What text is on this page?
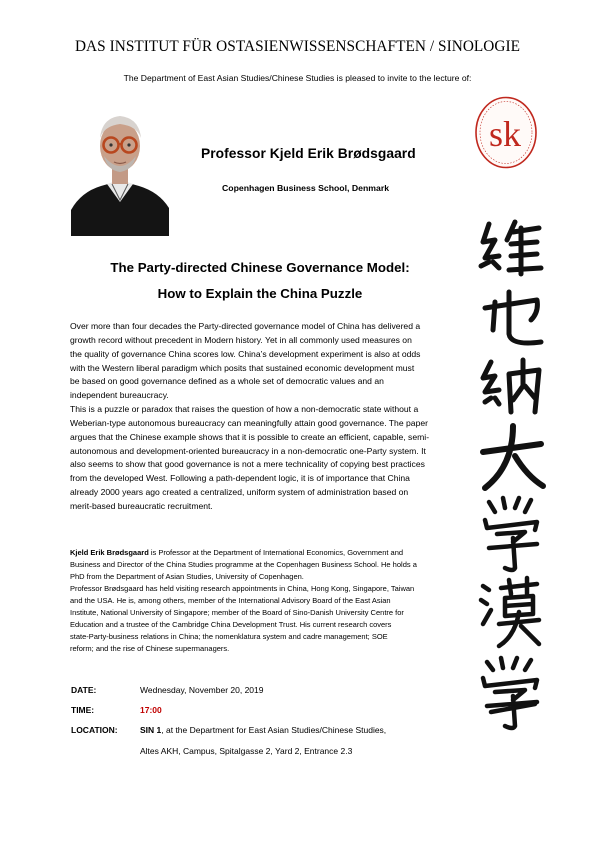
DAS INSTITUT FÜR OSTASIENWISSENSCHAFTEN / SINOLOGIE
The Department of East Asian Studies/Chinese Studies is pleased to invite to the lecture of:
sk
Professor Kjeld Erik Brødsgaard
Copenhagen Business School, Denmark
The Party-directed Chinese Governance Model:
How to Explain the China Puzzle

Over more than four decades the Party-directed governance model of China has delivered a
growth record without precedent in Modern history. Yet in all commonly used measures on
the quality of governance China scores low. China’s development experiment is also at odds
with the Western liberal paradigm which posits that sustained economic development must
be based on good governance defined as a whole set of democratic values and an
independent bureaucracy.

This is a puzzle or paradox that raises the question of how a non-democratic state without a
Weberian-type autonomous bureaucracy can meaningfully attain good governance. The paper
argues that the Chinese example shows that it is possible to create an efficient, capable, semi-
autonomous and development-oriented bureaucracy in a non-democratic one-Party system. It
also seems to show that good governance is not a mere technicality of copying best practices
from the developed West. Following a path-dependent logic, it is of importance that China
already 2000 years ago created a centralized, uniform system of administration based on
merit-based bureaucratic recruitment.

Kjeld Erik Brødsgaard is Professor at the Department of International Economics, Government and
Business and Director of the China Studies programme at the Copenhagen Business School. He holds a
PhD from the Department of Asian Studies, University of Copenhagen.

Professor Brødsgaard has held visiting research appointments in China, Hong Kong, Singapore, Taiwan
and the USA. He is, among others, member of the International Advisory Board of the East Asian
Institute, National University of Singapore; member of the Board of Sino-Danish University Centre for
Education and a trustee of the Cambridge China Development Trust. His current research covers
state-Party-business relations in China; the nomenklatura system and cadre management; SOE
reform; and the rise of Chinese supermanagers.

DATE:	Wednesday, November 20, 2019
TIME:	17:00
LOCATION:	SIN 1, at the Department for East Asian Studies/Chinese Studies,
Altes AKH, Campus, Spitalgasse 2, Yard 2, Entrance 2.3
